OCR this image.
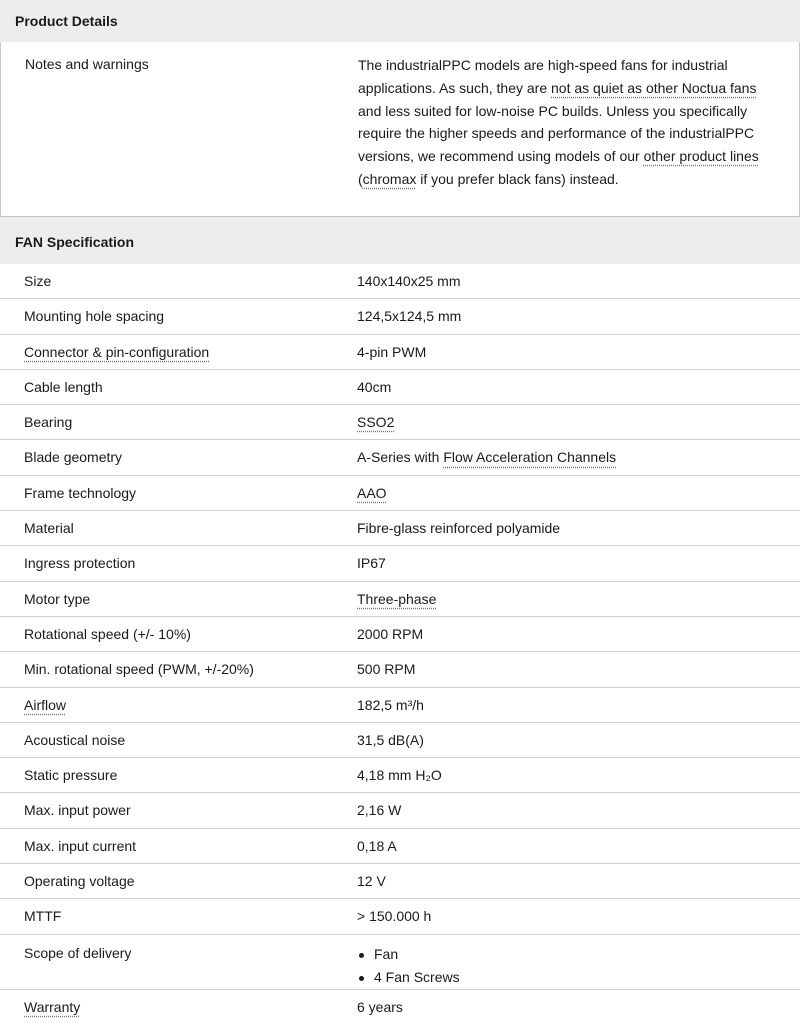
Product Details
Notes and warnings	The industrialPPC models are high-speed fans for industrial applications. As such, they are not as quiet as other Noctua fans and less suited for low-noise PC builds. Unless you specifically require the higher speeds and performance of the industrialPPC versions, we recommend using models of our other product lines (chromax if you prefer black fans) instead.
FAN Specification
Size	140x140x25 mm
Mounting hole spacing	124,5x124,5 mm
Connector & pin-configuration	4-pin PWM
Cable length	40cm
Bearing	SSO2
Blade geometry	A-Series with Flow Acceleration Channels
Frame technology	AAO
Material	Fibre-glass reinforced polyamide
Ingress protection	IP67
Motor type	Three-phase
Rotational speed (+/- 10%)	2000 RPM
Min. rotational speed (PWM, +/-20%)	500 RPM
Airflow	182,5 m³/h
Acoustical noise	31,5 dB(A)
Static pressure	4,18 mm H₂O
Max. input power	2,16 W
Max. input current	0,18 A
Operating voltage	12 V
MTTF	> 150.000 h
Scope of delivery	Fan
4 Fan Screws
Warranty	6 years
